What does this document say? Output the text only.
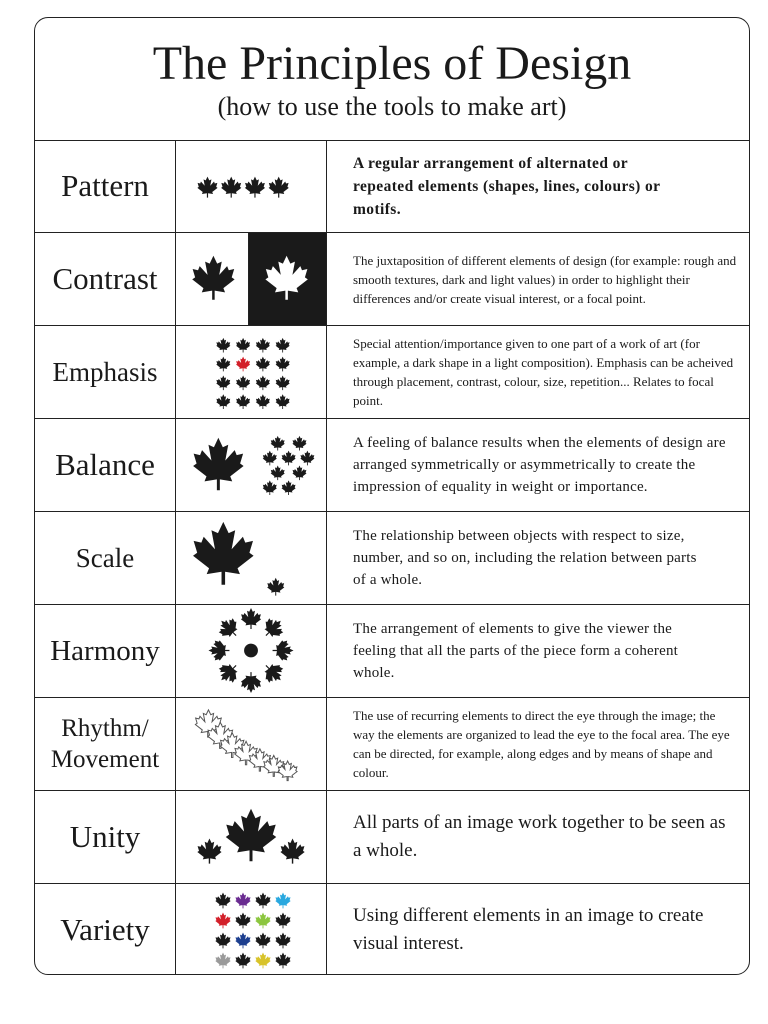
The Principles of Design
(how to use the tools to make art)
Pattern
A regular arrangement of alternated or repeated elements (shapes, lines, colours) or motifs.
Contrast
The juxtaposition of different elements of design (for example: rough and smooth textures, dark and light values) in order to highlight their differences and/or create visual interest, or a focal point.
Emphasis
Special attention/importance given to one part of a work of art (for example, a dark shape in a light composition). Emphasis can be acheived through placement, contrast, colour, size, repetition... Relates to focal point.
Balance
A feeling of balance results when the elements of design are arranged symmetrically or asymmetrically to create the impression of equality in weight or importance.
Scale
The relationship between objects with respect to size, number, and so on, including the relation between parts of a whole.
Harmony
The arrangement of elements to give the viewer the feeling that all the parts of the piece form a coherent whole.
Rhythm/ Movement
The use of recurring elements to direct the eye through the image; the way the elements are organized to lead the eye to the focal area. The eye can be directed, for example, along edges and by means of shape and colour.
Unity	All parts of an image work together to be seen as a whole.
Variety	Using different elements in an image to create visual interest.
